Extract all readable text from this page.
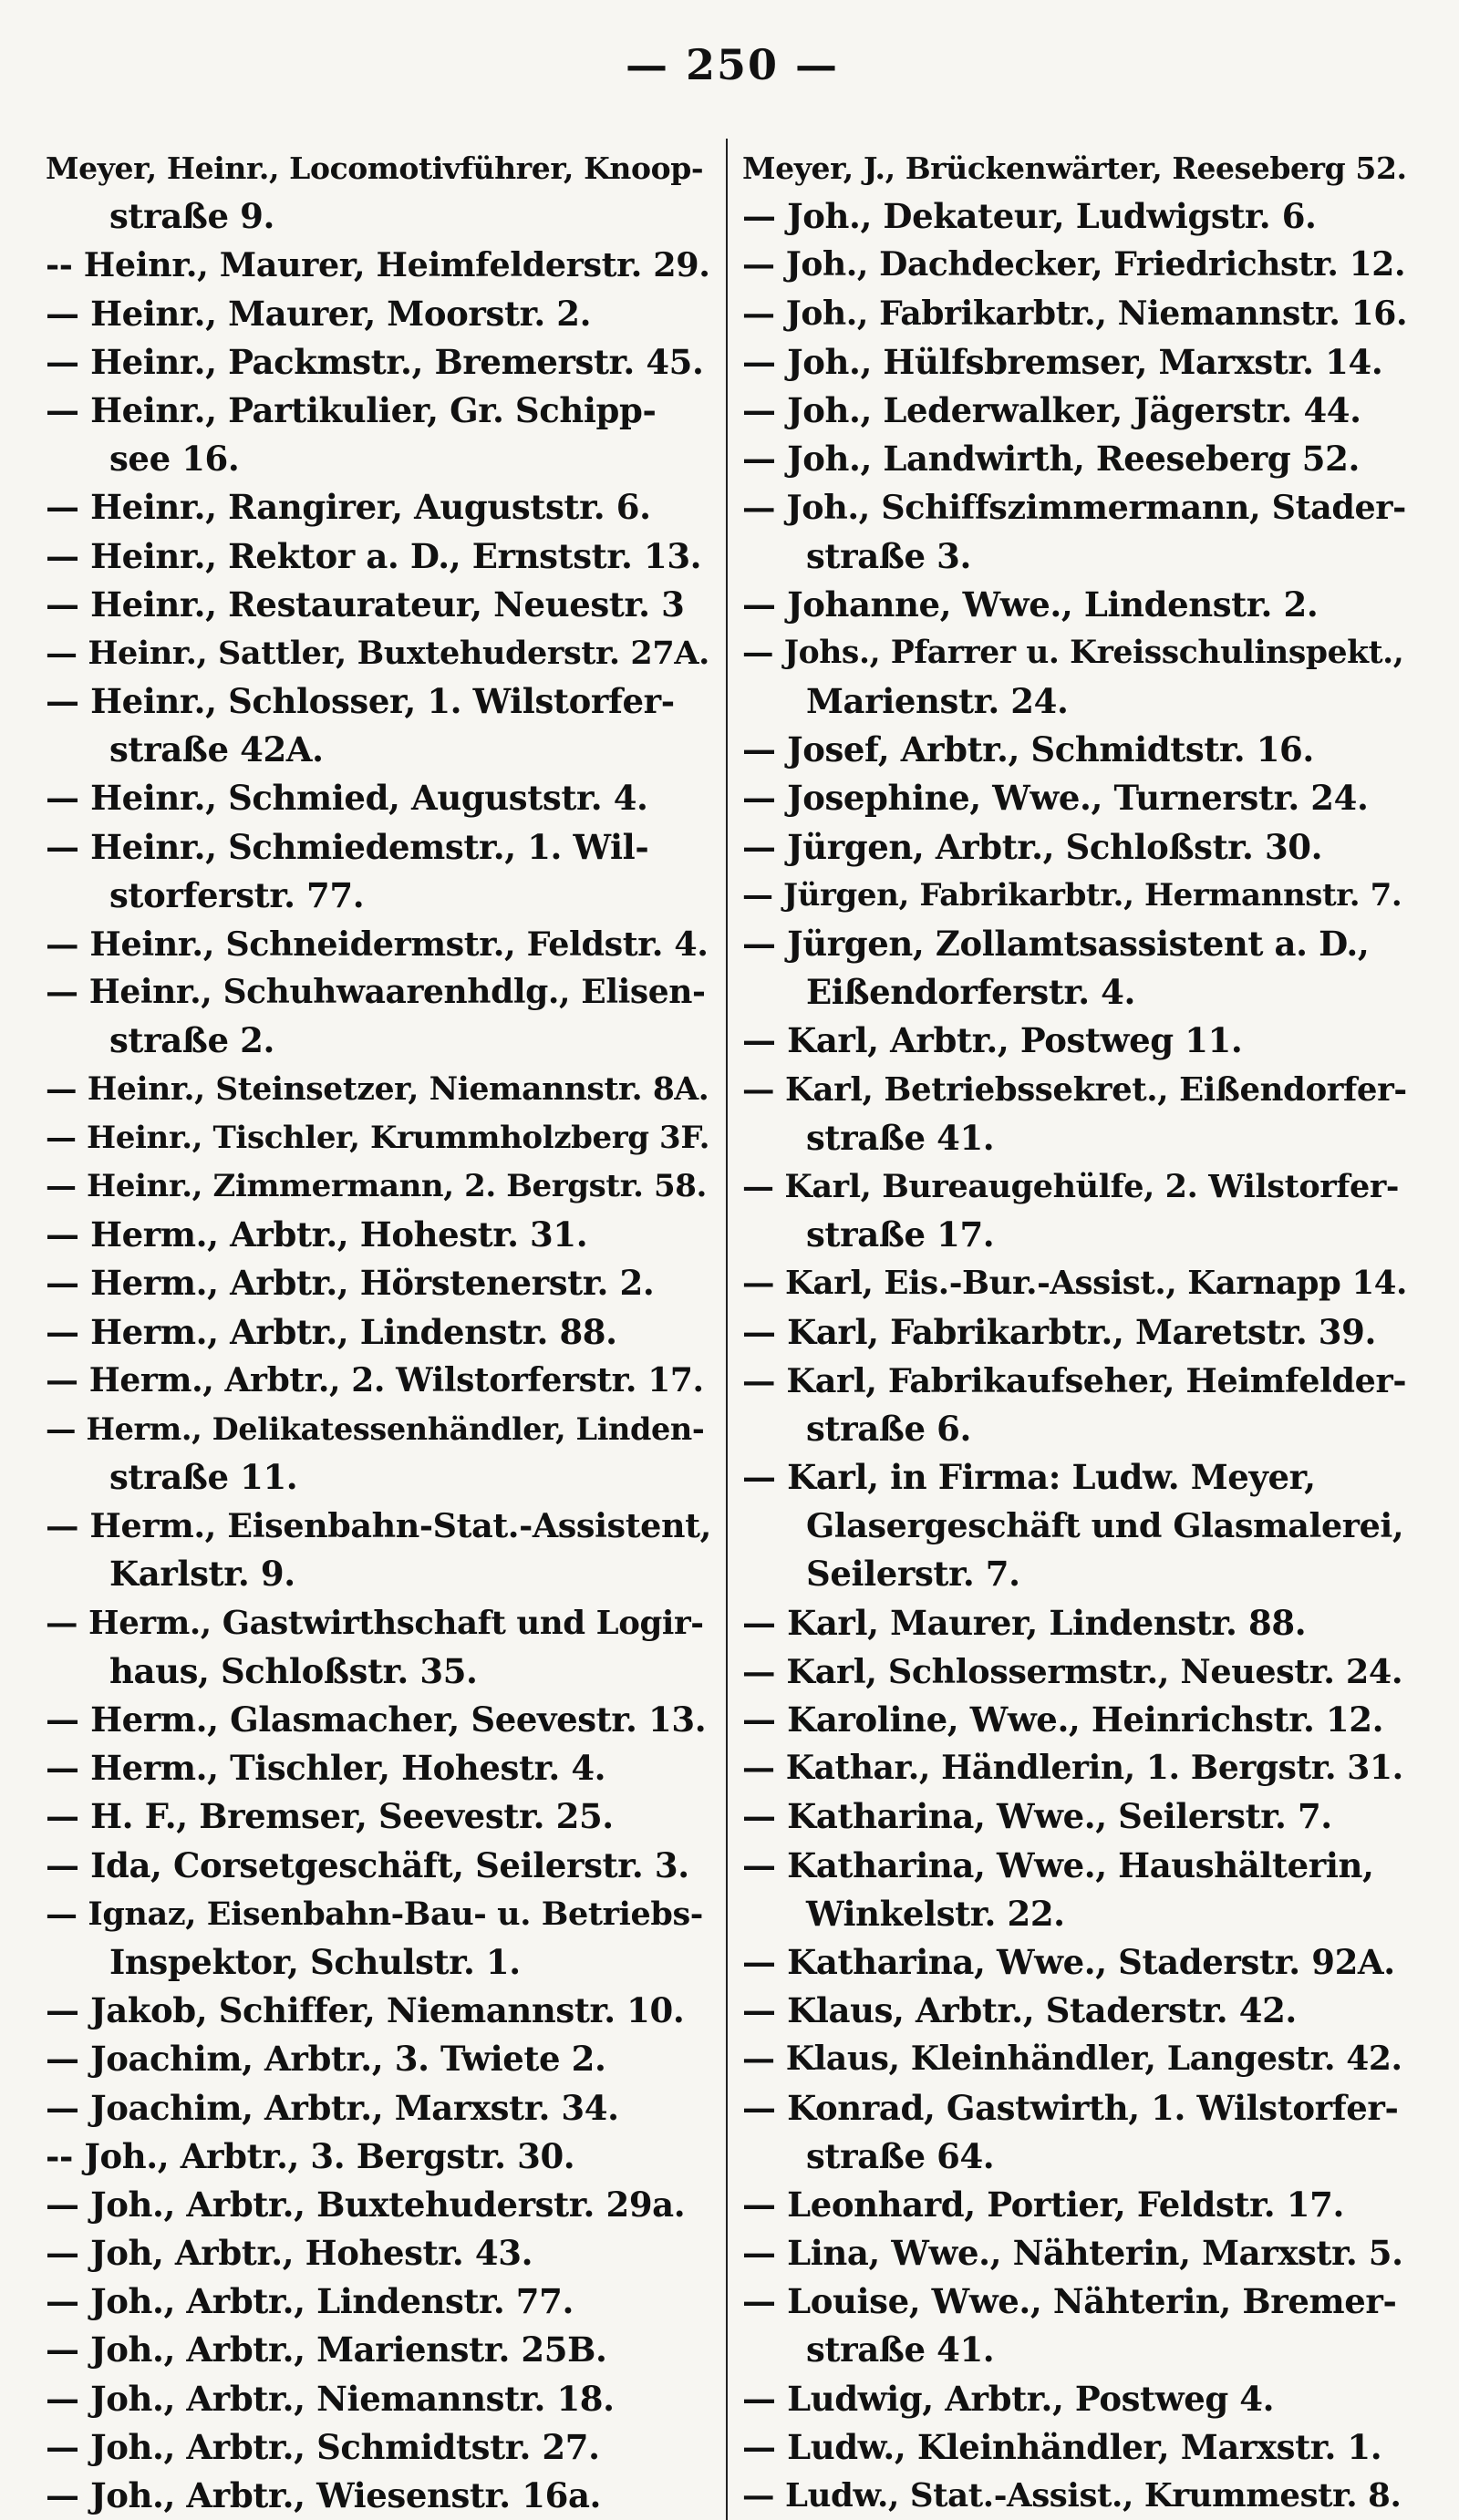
— 250 —
Meyer, Heinr., Locomotivführer, Knoop-
straße 9.
-- Heinr., Maurer, Heimfelderstr. 29.
— Heinr., Maurer, Moorstr. 2.
— Heinr., Packmstr., Bremerstr. 45.
— Heinr., Partikulier, Gr. Schipp-
see 16.
— Heinr., Rangirer, Auguststr. 6.
— Heinr., Rektor a. D., Ernststr. 13.
— Heinr., Restaurateur, Neuestr. 3
— Heinr., Sattler, Buxtehuderstr. 27A.
— Heinr., Schlosser, 1. Wilstorfer-
straße 42A.
— Heinr., Schmied, Auguststr. 4.
— Heinr., Schmiedemstr., 1. Wil-
storferstr. 77.
— Heinr., Schneidermstr., Feldstr. 4.
— Heinr., Schuhwaarenhdlg., Elisen-
straße 2.
— Heinr., Steinsetzer, Niemannstr. 8A.
— Heinr., Tischler, Krummholzberg 3F.
— Heinr., Zimmermann, 2. Bergstr. 58.
— Herm., Arbtr., Hohestr. 31.
— Herm., Arbtr., Hörstenerstr. 2.
— Herm., Arbtr., Lindenstr. 88.
— Herm., Arbtr., 2. Wilstorferstr. 17.
— Herm., Delikatessenhändler, Linden-
straße 11.
— Herm., Eisenbahn-Stat.-Assistent,
Karlstr. 9.
— Herm., Gastwirthschaft und Logir-
haus, Schloßstr. 35.
— Herm., Glasmacher, Seevestr. 13.
— Herm., Tischler, Hohestr. 4.
— H. F., Bremser, Seevestr. 25.
— Ida, Corsetgeschäft, Seilerstr. 3.
— Ignaz, Eisenbahn-Bau- u. Betriebs-
Inspektor, Schulstr. 1.
— Jakob, Schiffer, Niemannstr. 10.
— Joachim, Arbtr., 3. Twiete 2.
— Joachim, Arbtr., Marxstr. 34.
-- Joh., Arbtr., 3. Bergstr. 30.
— Joh., Arbtr., Buxtehuderstr. 29a.
— Joh, Arbtr., Hohestr. 43.
— Joh., Arbtr., Lindenstr. 77.
— Joh., Arbtr., Marienstr. 25B.
— Joh., Arbtr., Niemannstr. 18.
— Joh., Arbtr., Schmidtstr. 27.
— Joh., Arbtr., Wiesenstr. 16a.
Meyer, J., Brückenwärter, Reeseberg 52.
— Joh., Dekateur, Ludwigstr. 6.
— Joh., Dachdecker, Friedrichstr. 12.
— Joh., Fabrikarbtr., Niemannstr. 16.
— Joh., Hülfsbremser, Marxstr. 14.
— Joh., Lederwalker, Jägerstr. 44.
— Joh., Landwirth, Reeseberg 52.
— Joh., Schiffszimmermann, Stader-
straße 3.
— Johanne, Wwe., Lindenstr. 2.
— Johs., Pfarrer u. Kreisschulinspekt.,
Marienstr. 24.
— Josef, Arbtr., Schmidtstr. 16.
— Josephine, Wwe., Turnerstr. 24.
— Jürgen, Arbtr., Schloßstr. 30.
— Jürgen, Fabrikarbtr., Hermannstr. 7.
— Jürgen, Zollamtsassistent a. D.,
Eißendorferstr. 4.
— Karl, Arbtr., Postweg 11.
— Karl, Betriebssekret., Eißendorfer-
straße 41.
— Karl, Bureaugehülfe, 2. Wilstorfer-
straße 17.
— Karl, Eis.-Bur.-Assist., Karnapp 14.
— Karl, Fabrikarbtr., Maretstr. 39.
— Karl, Fabrikaufseher, Heimfelder-
straße 6.
— Karl, in Firma: Ludw. Meyer,
Glasergeschäft und Glasmalerei,
Seilerstr. 7.
— Karl, Maurer, Lindenstr. 88.
— Karl, Schlossermstr., Neuestr. 24.
— Karoline, Wwe., Heinrichstr. 12.
— Kathar., Händlerin, 1. Bergstr. 31.
— Katharina, Wwe., Seilerstr. 7.
— Katharina, Wwe., Haushälterin,
Winkelstr. 22.
— Katharina, Wwe., Staderstr. 92A.
— Klaus, Arbtr., Staderstr. 42.
— Klaus, Kleinhändler, Langestr. 42.
— Konrad, Gastwirth, 1. Wilstorfer-
straße 64.
— Leonhard, Portier, Feldstr. 17.
— Lina, Wwe., Nähterin, Marxstr. 5.
— Louise, Wwe., Nähterin, Bremer-
straße 41.
— Ludwig, Arbtr., Postweg 4.
— Ludw., Kleinhändler, Marxstr. 1.
— Ludw., Stat.-Assist., Krummestr. 8.
